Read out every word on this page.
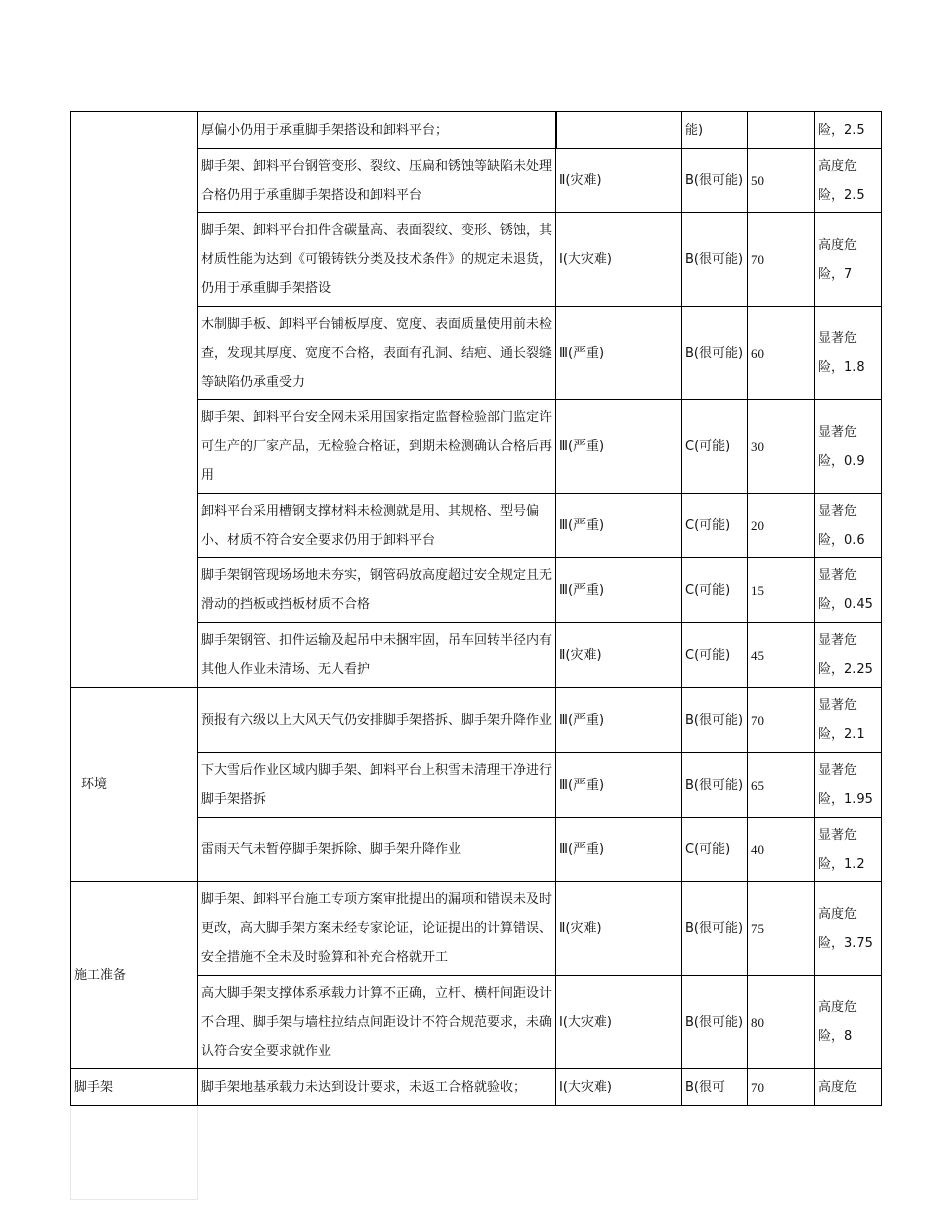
	厚偏小仍用于承重脚手架搭设和卸料平台；		能)		险，2.5
	脚手架、卸料平台钢管变形、裂纹、压扁和锈蚀等缺陷未处理合格仍用于承重脚手架搭设和卸料平台	Ⅱ(灾难)	B(很可能)	50	高度危险，2.5
	脚手架、卸料平台扣件含碳量高、表面裂纹、变形、锈蚀，其材质性能为达到《可锻铸铁分类及技术条件》的规定未退货，仍用于承重脚手架搭设	Ⅰ(大灾难)	B(很可能)	70	高度危险，7
	木制脚手板、卸料平台铺板厚度、宽度、表面质量使用前未检查，发现其厚度、宽度不合格，表面有孔洞、结疤、通长裂缝等缺陷仍承重受力	Ⅲ(严重)	B(很可能)	60	显著危险，1.8
	脚手架、卸料平台安全网未采用国家指定监督检验部门监定许可生产的厂家产品，无检验合格证，到期未检测确认合格后再用	Ⅲ(严重)	C(可能)	30	显著危险，0.9
	卸料平台采用槽钢支撑材料未检测就是用、其规格、型号偏小、材质不符合安全要求仍用于卸料平台	Ⅲ(严重)	C(可能)	20	显著危险，0.6
	脚手架钢管现场场地未夯实，钢管码放高度超过安全规定且无滑动的挡板或挡板材质不合格	Ⅲ(严重)	C(可能)	15	显著危险，0.45
	脚手架钢管、扣件运输及起吊中未捆牢固，吊车回转半径内有其他人作业未清场、无人看护	Ⅱ(灾难)	C(可能)	45	显著危险，2.25
环境	预报有六级以上大风天气仍安排脚手架搭拆、脚手架升降作业	Ⅲ(严重)	B(很可能)	70	显著危险，2.1
	下大雪后作业区域内脚手架、卸料平台上积雪未清理干净进行脚手架搭拆	Ⅲ(严重)	B(很可能)	65	显著危险，1.95
	雷雨天气未暂停脚手架拆除、脚手架升降作业	Ⅲ(严重)	C(可能)	40	显著危险，1.2
施工准备	脚手架、卸料平台施工专项方案审批提出的漏项和错误未及时更改，高大脚手架方案未经专家论证，论证提出的计算错误、安全措施不全未及时验算和补充合格就开工	Ⅱ(灾难)	B(很可能)	75	高度危险，3.75
	高大脚手架支撑体系承载力计算不正确，立杆、横杆间距设计不合理、脚手架与墙柱拉结点间距设计不符合规范要求，未确认符合安全要求就作业	Ⅰ(大灾难)	B(很可能)	80	高度危险，8
脚手架	脚手架地基承载力未达到设计要求，未返工合格就验收；	Ⅰ(大灾难)	B(很可	70	高度危
